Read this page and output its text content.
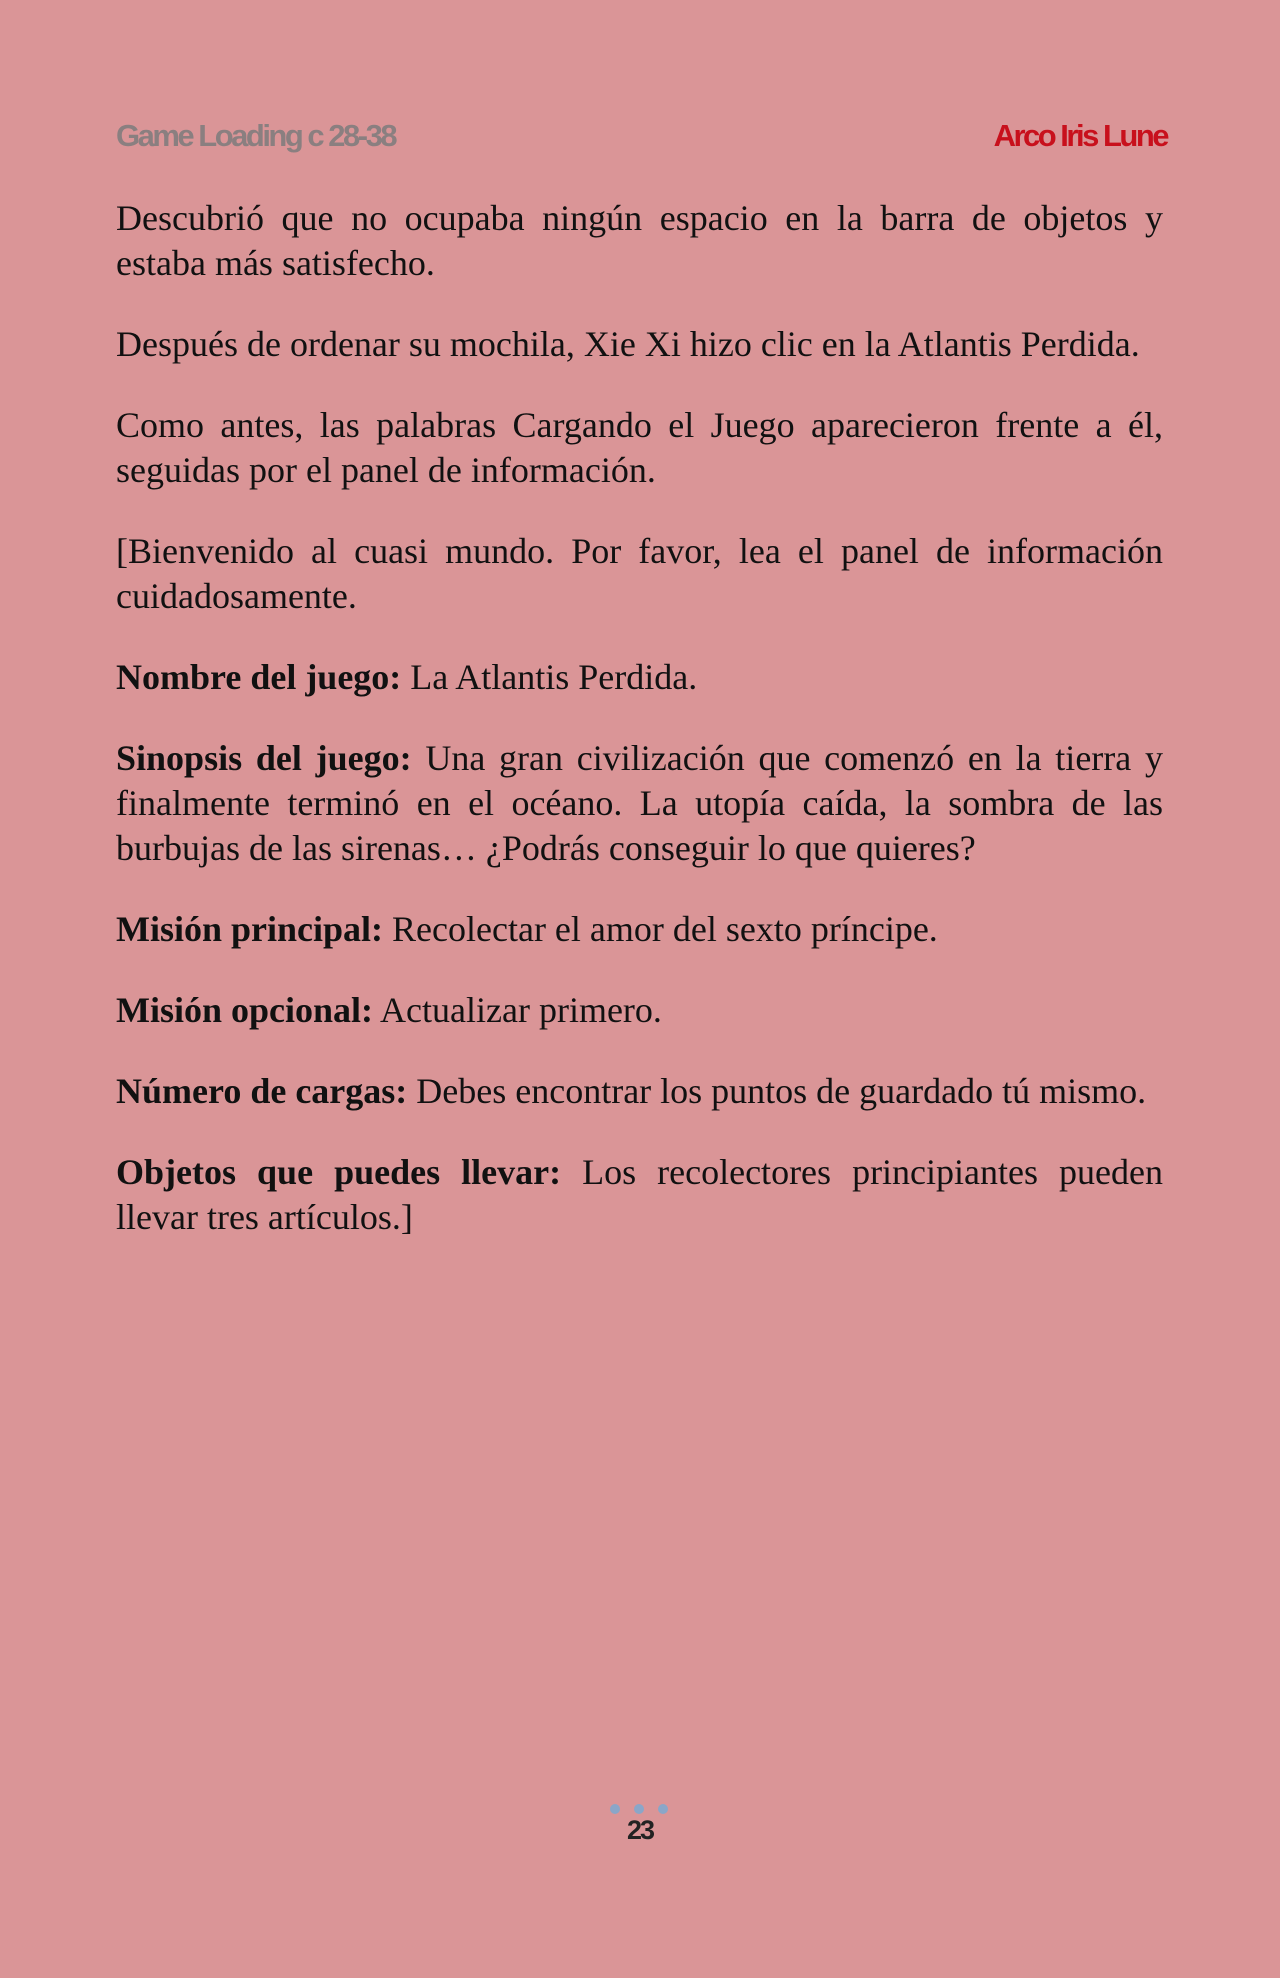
Game Loading c 28-38	Arco Iris Lune

Descubrió que no ocupaba ningún espacio en la barra de objetos y estaba más satisfecho.

Después de ordenar su mochila, Xie Xi hizo clic en la Atlantis Perdida.

Como antes, las palabras Cargando el Juego aparecieron frente a él, seguidas por el panel de información.

[Bienvenido al cuasi mundo. Por favor, lea el panel de información cuidadosamente.

Nombre del juego: La Atlantis Perdida.

Sinopsis del juego: Una gran civilización que comenzó en la tierra y finalmente terminó en el océano. La utopía caída, la sombra de las burbujas de las sirenas… ¿Podrás conseguir lo que quieres?

Misión principal: Recolectar el amor del sexto príncipe.

Misión opcional: Actualizar primero.

Número de cargas: Debes encontrar los puntos de guardado tú mismo.

Objetos que puedes llevar: Los recolectores principiantes pueden llevar tres artículos.]

23
